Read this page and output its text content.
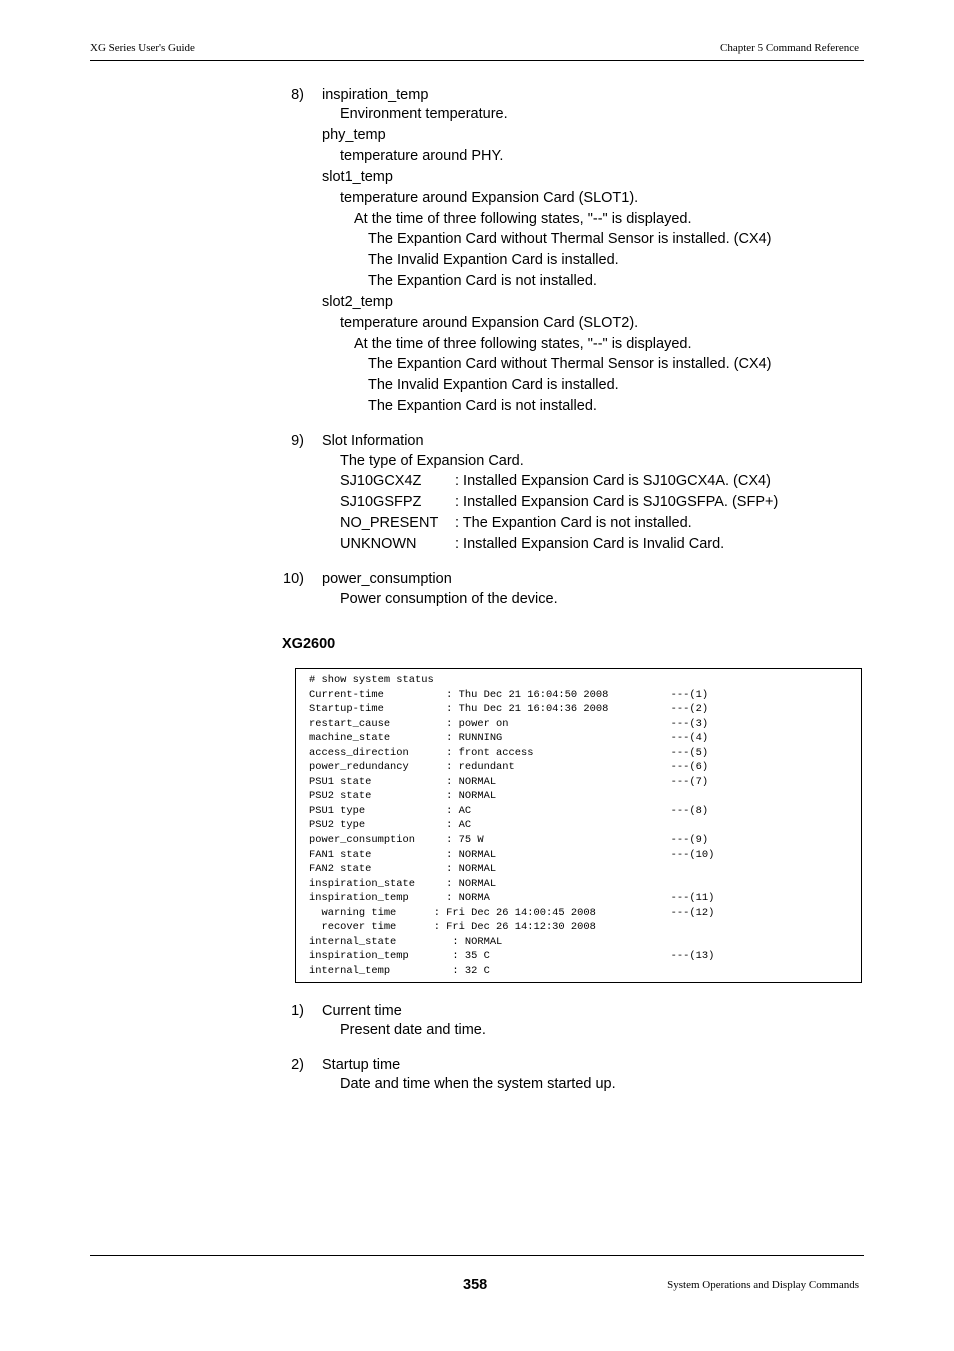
XG Series User's Guide	Chapter 5 Command Reference
8) inspiration_temp
Environment temperature.
phy_temp
temperature around PHY.
slot1_temp
temperature around Expansion Card (SLOT1).
At the time of three following states, "--" is displayed.
The Expantion Card without Thermal Sensor is installed. (CX4)
The Invalid Expantion Card is installed.
The Expantion Card is not installed.
slot2_temp
temperature around Expansion Card (SLOT2).
At the time of three following states, "--" is displayed.
The Expantion Card without Thermal Sensor is installed. (CX4)
The Invalid Expantion Card is installed.
The Expantion Card is not installed.
9) Slot Information
The type of Expansion Card.
SJ10GCX4Z : Installed Expansion Card is SJ10GCX4A. (CX4)
SJ10GSFPZ : Installed Expansion Card is SJ10GSFPA. (SFP+)
NO_PRESENT : The Expantion Card is not installed.
UNKNOWN	: Installed Expansion Card is Invalid Card.
10) power_consumption
Power consumption of the device.
XG2600
# show system status
Current-time          : Thu Dec 21 16:04:50 2008          ---(1)
Startup-time          : Thu Dec 21 16:04:36 2008          ---(2)
restart_cause         : power on                          ---(3)
machine_state         : RUNNING                           ---(4)
access_direction      : front access                      ---(5)
power_redundancy      : redundant                         ---(6)
PSU1 state            : NORMAL                            ---(7)
PSU2 state            : NORMAL
PSU1 type             : AC                                ---(8)
PSU2 type             : AC
power_consumption     : 75 W                              ---(9)
FAN1 state            : NORMAL                            ---(10)
FAN2 state            : NORMAL
inspiration_state     : NORMAL
inspiration_temp      : NORMA                             ---(11)
warning time      : Fri Dec 26 14:00:45 2008            ---(12)
recover time      : Fri Dec 26 14:12:30 2008
internal_state         : NORMAL
inspiration_temp       : 35 C                             ---(13)
internal_temp          : 32 C
1) Current time
Present date and time.
2) Startup time
Date and time when the system started up.
358	System Operations and Display Commands
